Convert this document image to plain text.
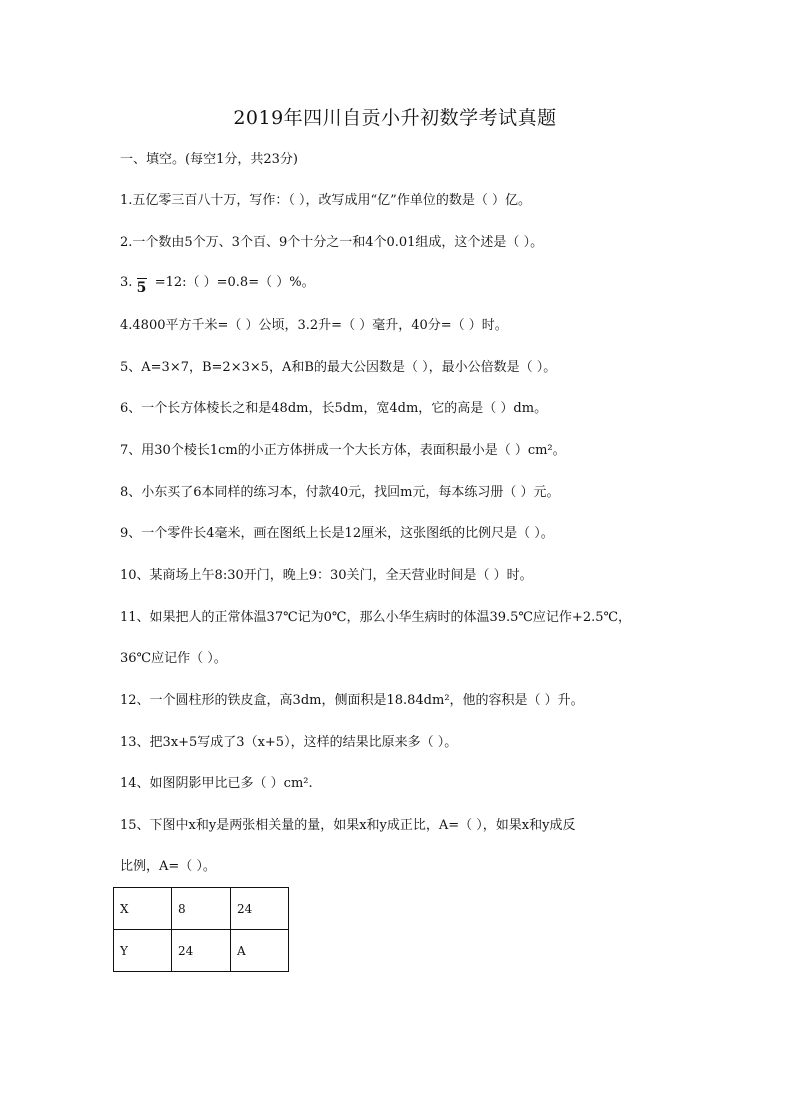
2019年四川自贡小升初数学考试真题
一、填空。(每空1分，共23分)
1.五亿零三百八十万，写作：（ ），改写成用“亿”作单位的数是（ ）亿。
2.一个数由5个万、3个百、9个十分之一和4个0.01组成，这个述是（ ）。
3. 5 =12:（ ）=0.8=（ ）%。
4.4800平方千米=（ ）公顷，3.2升=（ ）毫升，40分=（ ）时。
5、A=3×7，B=2×3×5，A和B的最大公因数是（ ），最小公倍数是（ ）。
6、一个长方体棱长之和是48dm，长5dm，宽4dm，它的高是（ ）dm。
7、用30个棱长1cm的小正方体拼成一个大长方体，表面积最小是（ ）cm²。
8、小东买了6本同样的练习本，付款40元，找回m元，每本练习册（ ）元。
9、一个零件长4毫米，画在图纸上长是12厘米，这张图纸的比例尺是（ ）。
10、某商场上午8:30开门，晚上9：30关门，全天营业时间是（ ）时。
11、如果把人的正常体温37℃记为0℃，那么小华生病时的体温39.5℃应记作+2.5℃，
36℃应记作（ ）。
12、一个圆柱形的铁皮盒，高3dm，侧面积是18.84dm²，他的容积是（ ）升。
13、把3x+5写成了3（x+5），这样的结果比原来多（ ）。
14、如图阴影甲比已多（ ）cm².
15、下图中x和y是两张相关量的量，如果x和y成正比，A=（ ），如果x和y成反
比例，A=（ ）。
X	8	24
Y	24	A
